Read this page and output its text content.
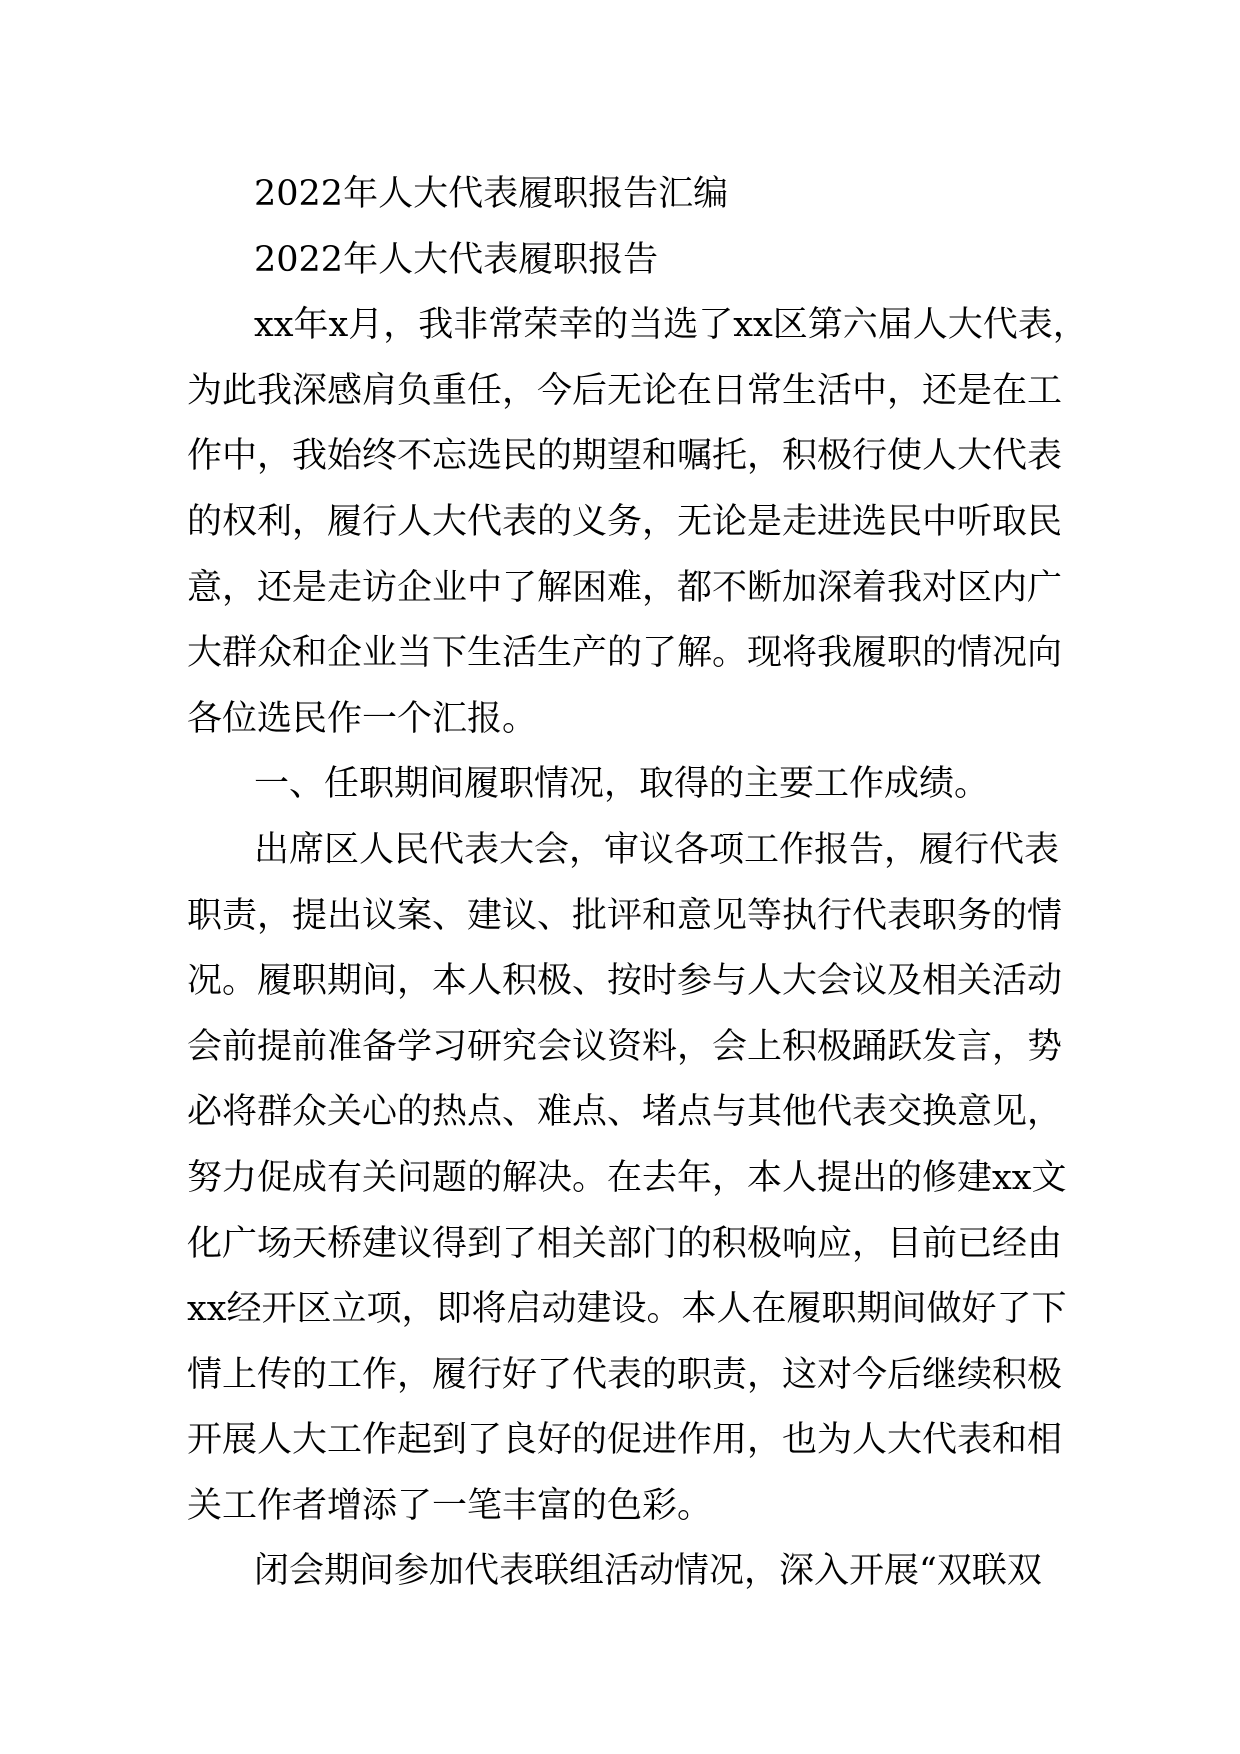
2022年人大代表履职报告汇编
2022年人大代表履职报告
xx年x月，我非常荣幸的当选了xx区第六届人大代表，
为此我深感肩负重任，今后无论在日常生活中，还是在工
作中，我始终不忘选民的期望和嘱托，积极行使人大代表
的权利，履行人大代表的义务，无论是走进选民中听取民
意，还是走访企业中了解困难，都不断加深着我对区内广
大群众和企业当下生活生产的了解。现将我履职的情况向
各位选民作一个汇报。
一、任职期间履职情况，取得的主要工作成绩。
出席区人民代表大会，审议各项工作报告，履行代表
职责，提出议案、建议、批评和意见等执行代表职务的情
况。履职期间，本人积极、按时参与人大会议及相关活动
会前提前准备学习研究会议资料，会上积极踊跃发言，势
必将群众关心的热点、难点、堵点与其他代表交换意见，
努力促成有关问题的解决。在去年，本人提出的修建xx文
化广场天桥建议得到了相关部门的积极响应，目前已经由
xx经开区立项，即将启动建设。本人在履职期间做好了下
情上传的工作，履行好了代表的职责，这对今后继续积极
开展人大工作起到了良好的促进作用，也为人大代表和相
关工作者增添了一笔丰富的色彩。
闭会期间参加代表联组活动情况，深入开展“双联双
